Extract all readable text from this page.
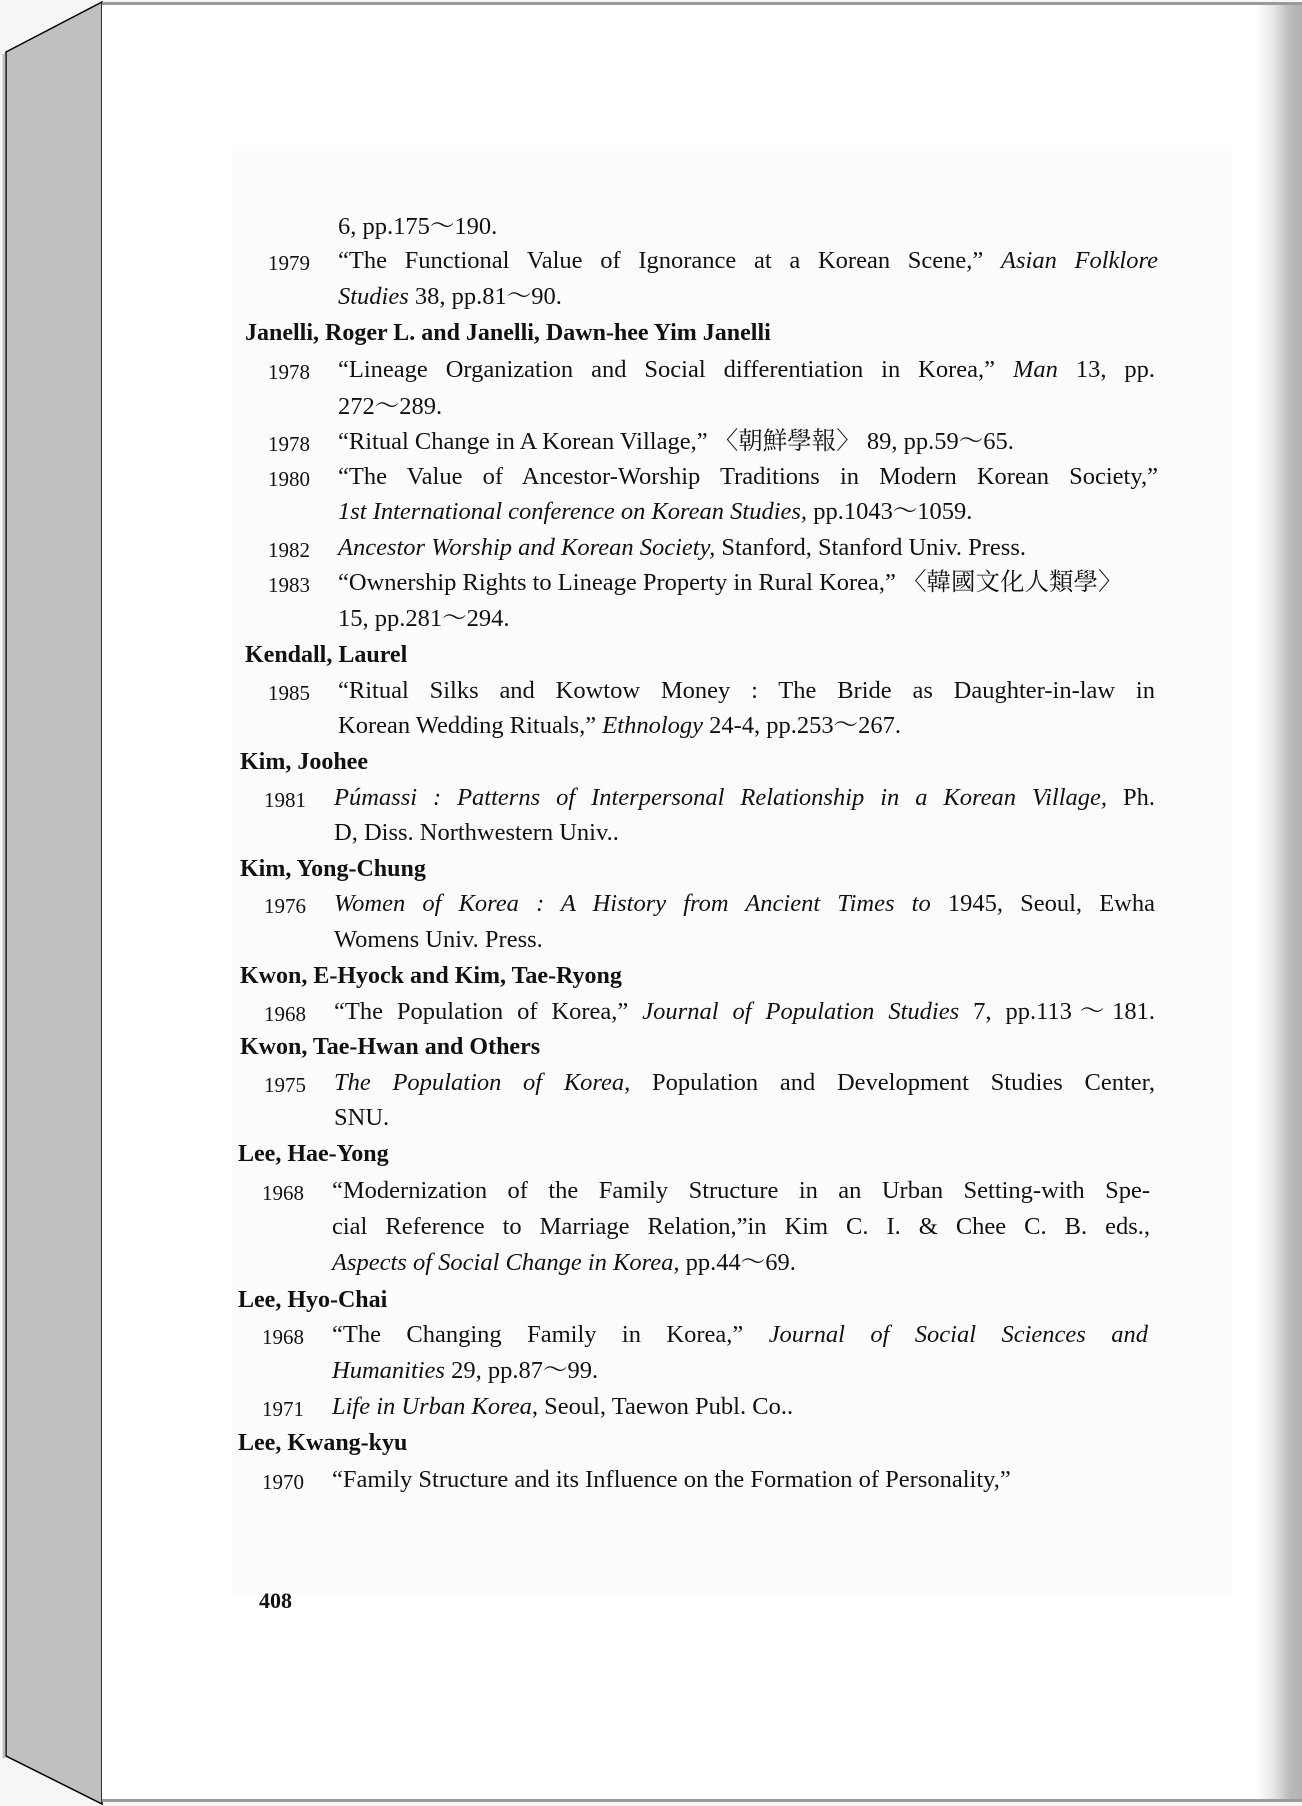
6, pp.175～190.
1979 “The Functional Value of Ignorance at a Korean Scene,” Asian Folklore
Studies 38, pp.81～90.
Janelli, Roger L. and Janelli, Dawn-hee Yim Janelli
1978 “Lineage Organization and Social differentiation in Korea,” Man 13, pp.
272～289.
1978 “Ritual Change in A Korean Village,” 〈朝鮮學報〉 89, pp.59～65.
1980 “The Value of Ancestor-Worship Traditions in Modern Korean Society,”
1st International conference on Korean Studies, pp.1043～1059.
1982 Ancestor Worship and Korean Society, Stanford, Stanford Univ. Press.
1983 “Ownership Rights to Lineage Property in Rural Korea,” 〈韓國文化人類學〉
15, pp.281～294.
Kendall, Laurel
1985 “Ritual Silks and Kowtow Money : The Bride as Daughter-in-law in
Korean Wedding Rituals,” Ethnology 24-4, pp.253～267.
Kim, Joohee
1981 Púmassi : Patterns of Interpersonal Relationship in a Korean Village, Ph.
D, Diss. Northwestern Univ..
Kim, Yong-Chung
1976 Women of Korea : A History from Ancient Times to 1945, Seoul, Ewha
Womens Univ. Press.
Kwon, E-Hyock and Kim, Tae-Ryong
1968 “The Population of Korea,” Journal of Population Studies 7, pp.113～181.
Kwon, Tae-Hwan and Others
1975 The Population of Korea, Population and Development Studies Center,
SNU.
Lee, Hae-Yong
1968 “Modernization of the Family Structure in an Urban Setting-with Spe-
cial Reference to Marriage Relation,”in Kim C. I. & Chee C. B. eds.,
Aspects of Social Change in Korea, pp.44～69.
Lee, Hyo-Chai
1968 “The Changing Family in Korea,” Journal of Social Sciences and
Humanities 29, pp.87～99.
1971 Life in Urban Korea, Seoul, Taewon Publ. Co..
Lee, Kwang-kyu
1970 “Family Structure and its Influence on the Formation of Personality,”
408
